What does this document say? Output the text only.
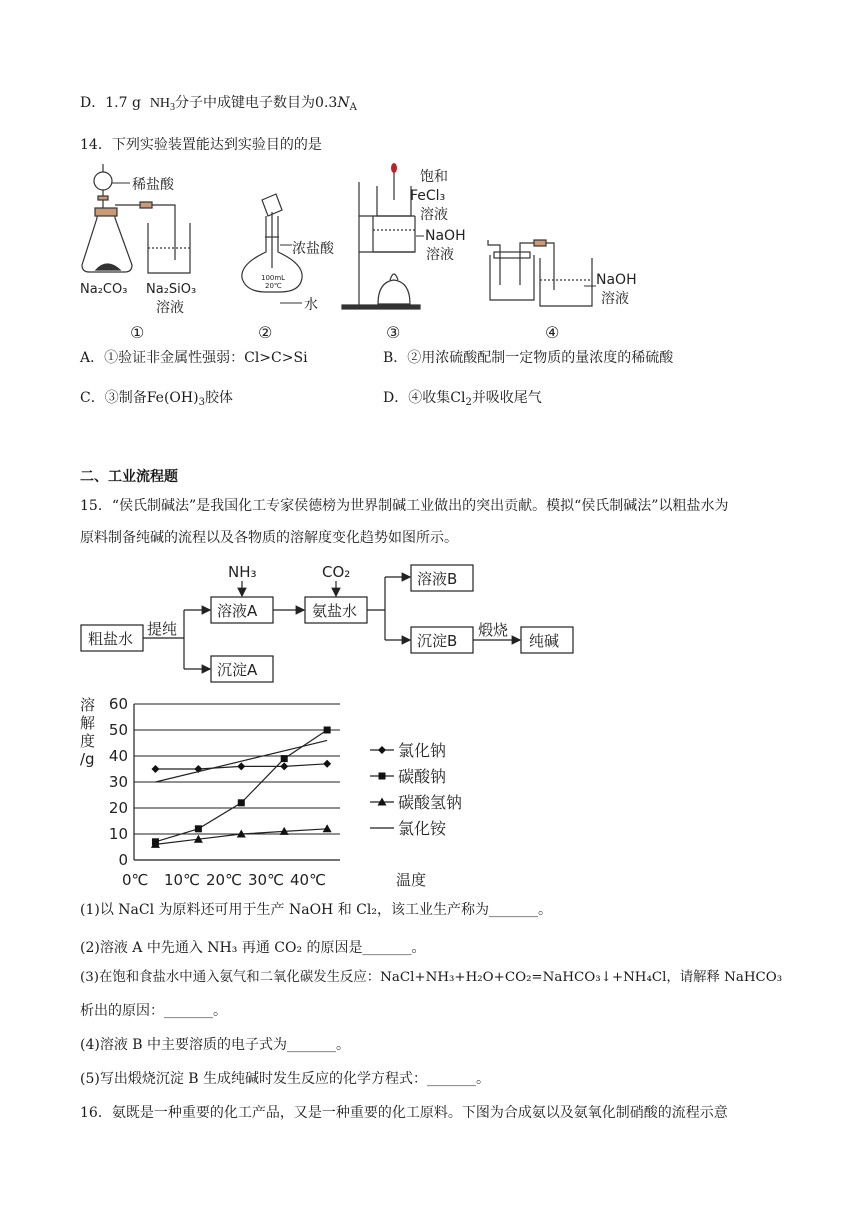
D．1.7 g $NH_3$分子中成键电子数目为$0.3N_A$
14．下列实验装置能达到实验目的的是
稀盐酸
Na₂CO₃ Na₂SiO₃
溶液
①
浓盐酸
100mL
20℃
水
②
饱和
FeCl₃
溶液
NaOH
溶液
③
NaOH
溶液
④
A．①验证非金属性强弱：Cl>C>Si	B．②用浓硫酸配制一定物质的量浓度的稀硫酸
C．③制备$Fe(OH)_3$胶体	D．④收集$Cl_2$并吸收尾气
二、工业流程题
15．“侯氏制碱法”是我国化工专家侯德榜为世界制碱工业做出的突出贡献。模拟“侯氏制碱法”以粗盐水为
原料制备纯碱的流程以及各物质的溶解度变化趋势如图所示。
粗盐水
提纯
溶液A
沉淀A
NH₃
氨盐水
CO₂	溶液B
沉淀B
煅烧
纯碱
溶
解
度
/g
0
10
20
30
40
50
60
0℃ 10℃ 20℃ 30℃ 40℃
氯化钠
碳酸钠
碳酸氢钠
氯化铵
温度
(1)以 NaCl 为原料还可用于生产 NaOH 和 Cl₂，该工业生产称为_______。
(2)溶液 A 中先通入 NH₃ 再通 CO₂ 的原因是_______。
(3)在饱和食盐水中通入氨气和二氧化碳发生反应：NaCl+NH₃+H₂O+CO₂=NaHCO₃↓+NH₄Cl，请解释 NaHCO₃
析出的原因：_______。
(4)溶液 B 中主要溶质的电子式为_______。
(5)写出煅烧沉淀 B 生成纯碱时发生反应的化学方程式：_______。
16．氨既是一种重要的化工产品，又是一种重要的化工原料。下图为合成氨以及氨氧化制硝酸的流程示意
